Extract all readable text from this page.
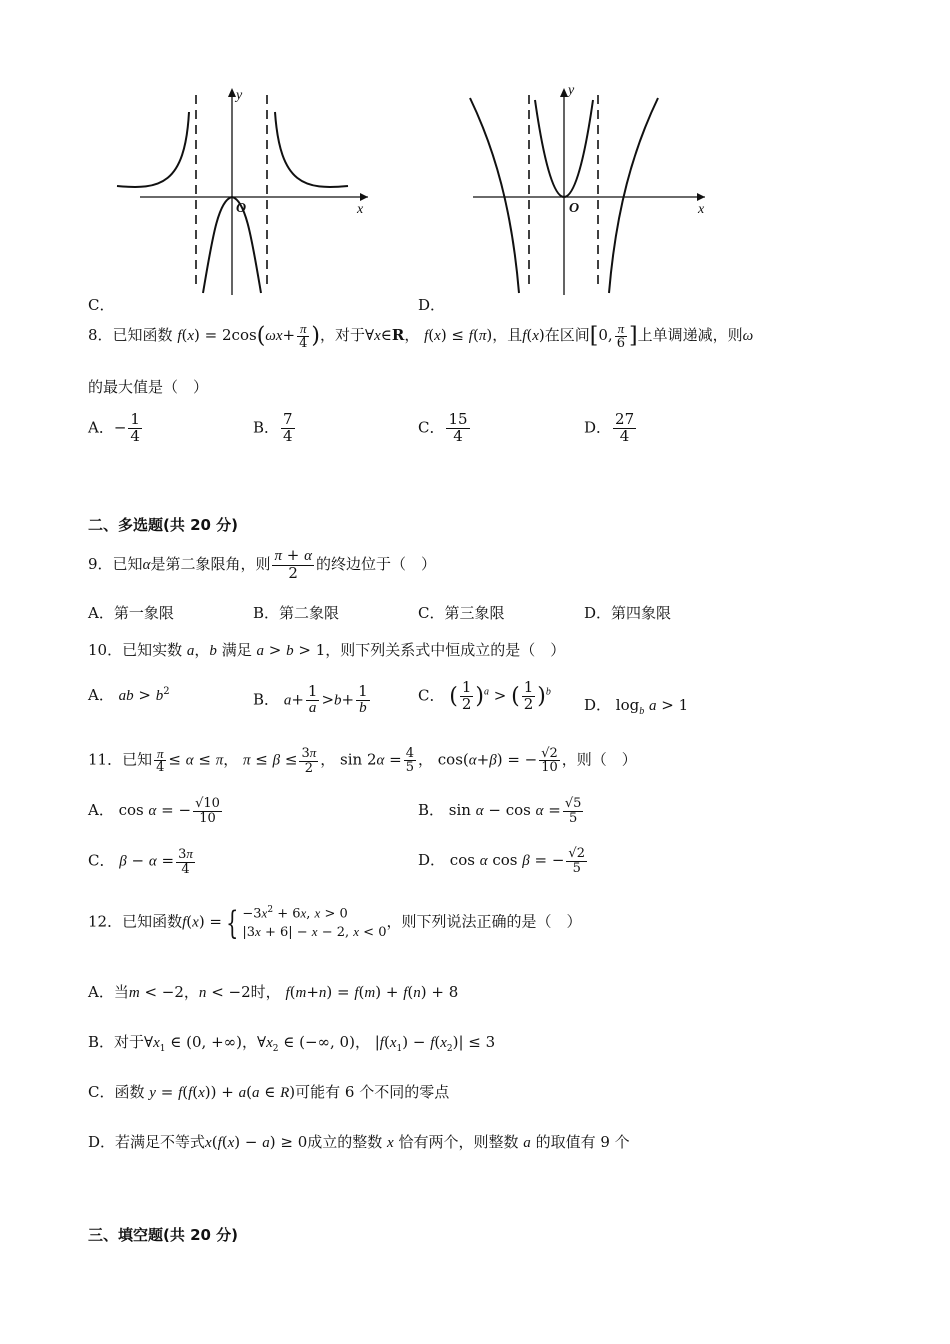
y
x
O
C．
y
x
O
D．
8．已知函数 $f(x) = 2\cos(\omega x+ \frac{\pi}{4}$ )，对于∀x∈R， f(x) ≤ f(π)，且f(x)在区间[0, $\frac{\pi}{6}$ ]上单调递减，则ω
的最大值是（　）
A．− $\frac{1}{4}$	B． $\frac{7}{4}$	C． $\frac{15}{4}$	D． $\frac{27}{4}$
二、多选题(共 20 分)
9．已知α是第二象限角，则 $\frac{\pi + \alpha}{2}$ 的终边位于（　）
A．第一象限	B．第二象限	C．第三象限	D．第四象限
10．已知实数 a，b 满足 a > b > 1，则下列关系式中恒成立的是（　）
A． ab > $b^2$	B． $a+ \frac{1}{a} >b+ \frac{1}{b}$	C． ( $\frac{1}{2} )^a$ > ( $\frac{1}{2} )^b$
D． $\log_b a > 1$
11．已知 $\frac{\pi}{4} \le \alpha \le \pi$， $\pi \le \beta \le \frac{3\pi}{2}$ ， $\sin 2\alpha = \frac{4}{5}$ ， cos(α+β) = − $\frac{√2}{10}$ ，则（　）
A． cos α = − $\frac{√10}{10}$	B． $\sin \alpha - \cos \alpha = \frac{√5}{5}$
C． $\beta - \alpha = \frac{3\pi}{4}$	D． cos α cos β = − $\frac{√2}{5}$
12．已知函数f(x) = { $-3x^2 + 6x$, x > 0
|3x + 6| − x − 2, x < 0
，则下列说法正确的是（　）
A．当m < −2，n < −2时， f(m+n) = f(m) + f(n) + 8
B．对于$\forall x_1$ ∈ (0, +∞)，$\forall x_2$ ∈ (−∞, 0)， $|f(x_1) - f(x_2)| \le 3$
C．函数 y = f(f(x)) + a(a ∈ R)可能有 6 个不同的零点
D．若满足不等式x(f(x) − a) ≥ 0成立的整数 x 恰有两个，则整数 a 的取值有 9 个
三、填空题(共 20 分)
